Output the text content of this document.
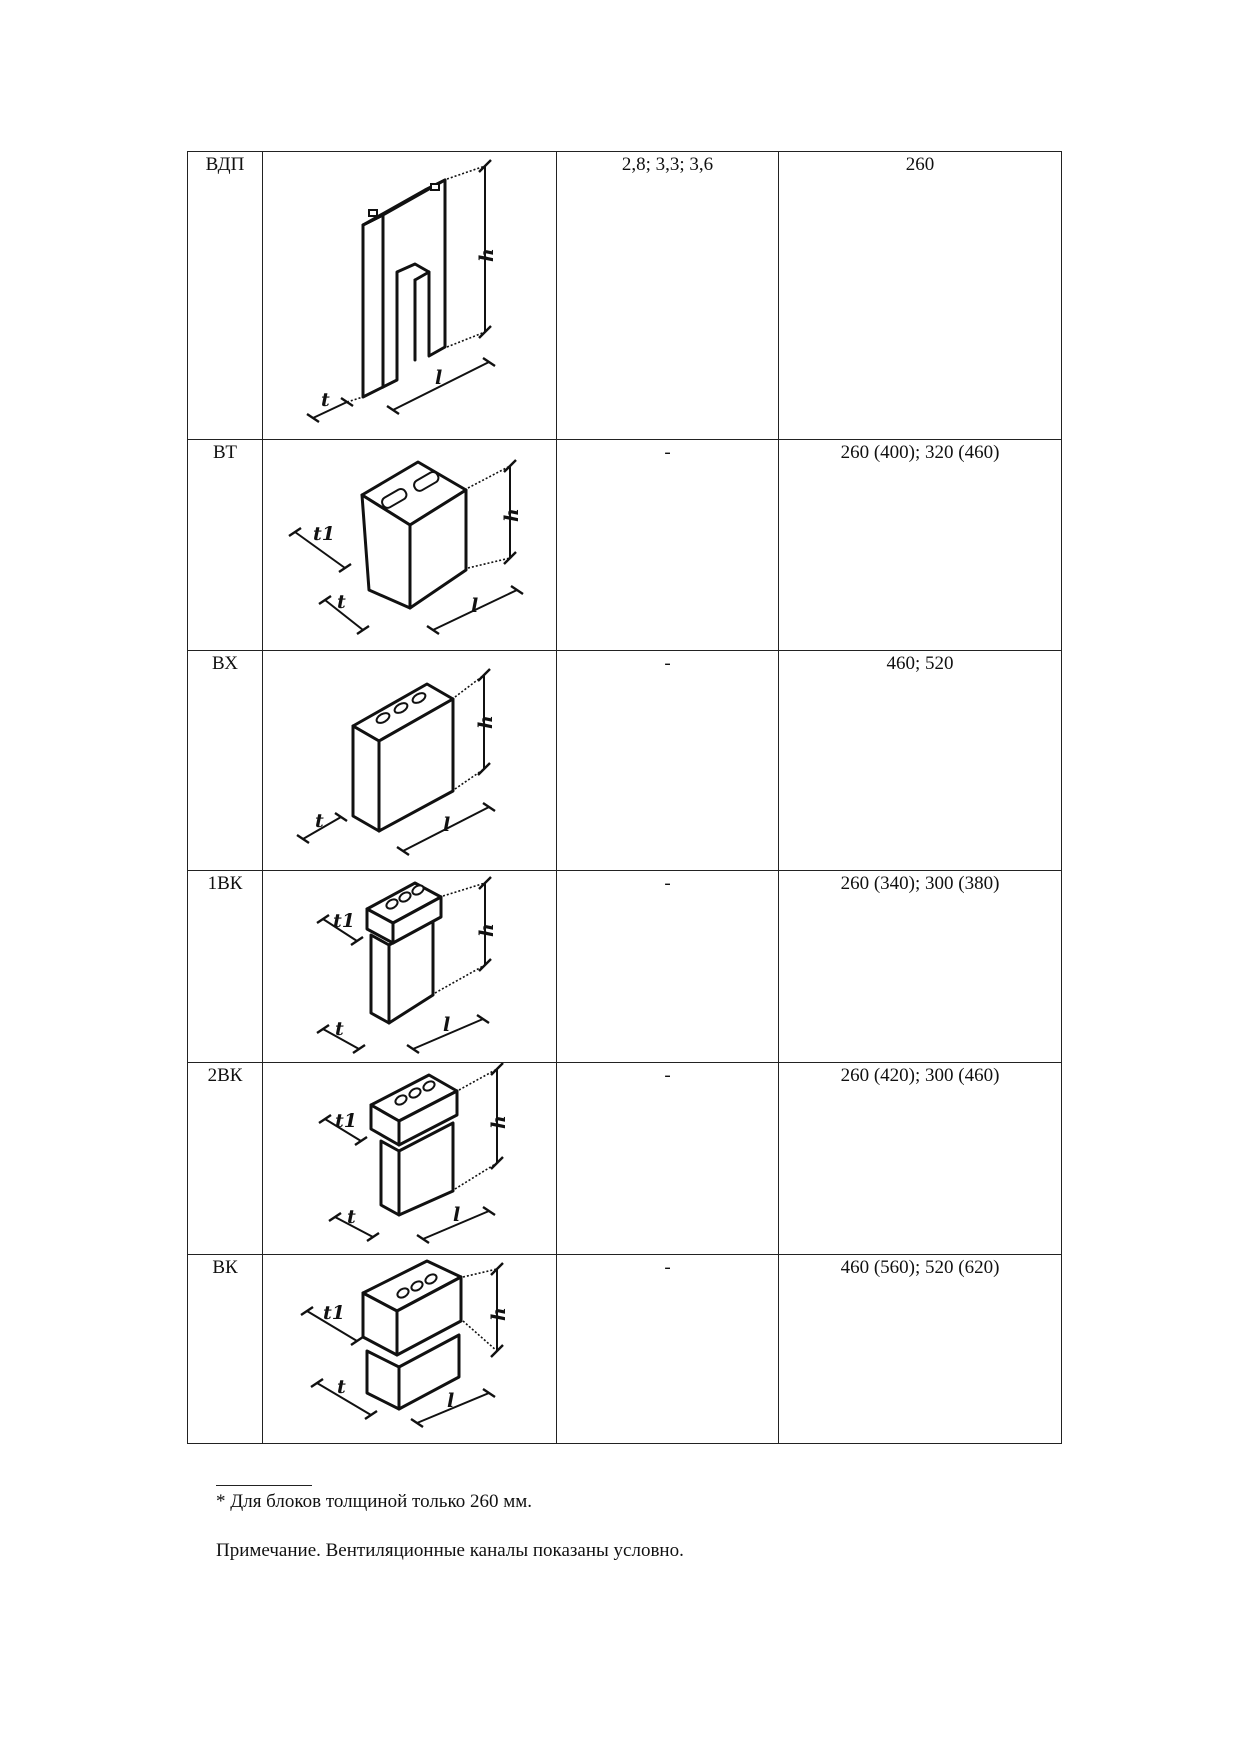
ВДП	h
l
t	2,8; 3,3; 3,6	260
ВТ	h
t1
t l	-	260 (400); 320 (460)
ВХ	h
t l	-	460; 520
1ВК	h
t1
t l	-	260 (340); 300 (380)
2ВК	h
t1
t l	-	260 (420); 300 (460)
ВК	h
t1
t
l	-	460 (560); 520 (620)
* Для блоков толщиной только 260 мм.
Примечание. Вентиляционные каналы показаны условно.
